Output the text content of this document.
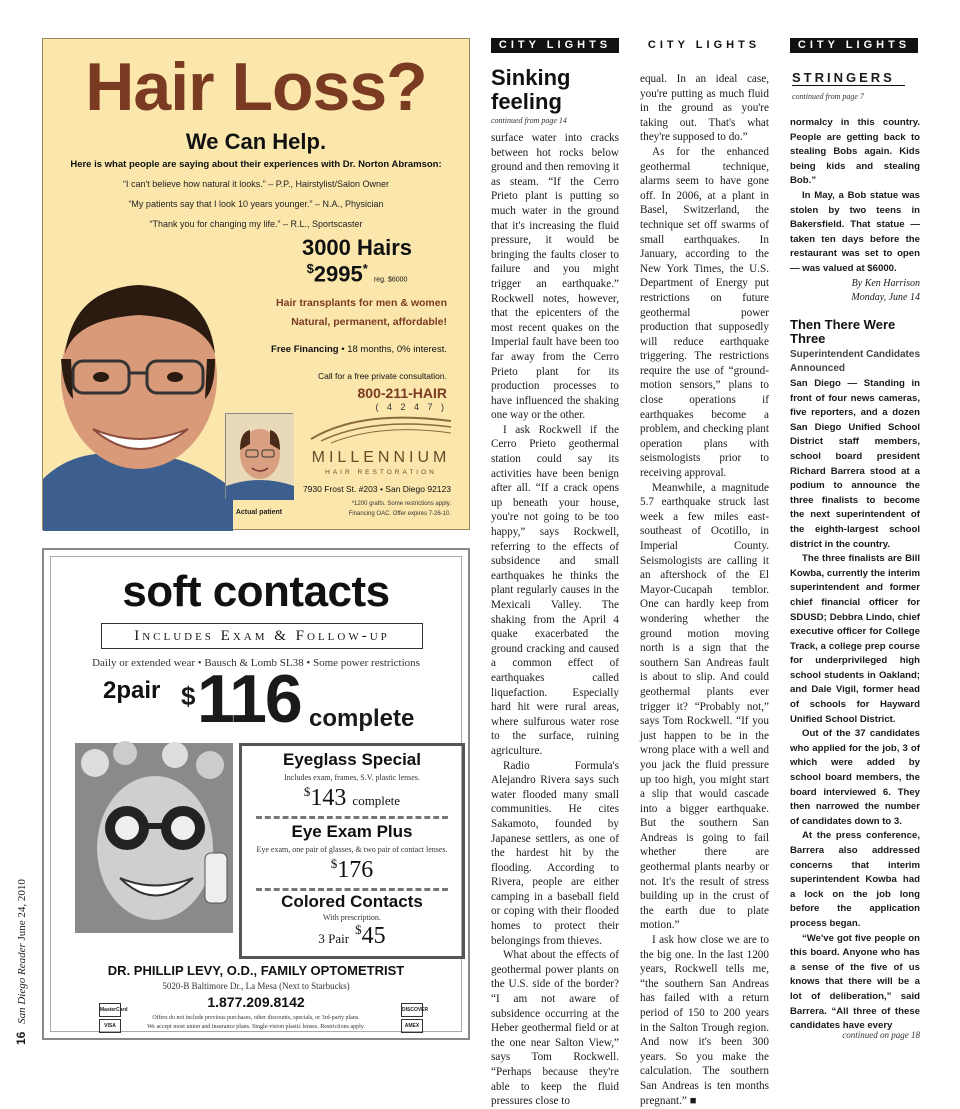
16 San Diego Reader June 24, 2010
Hair Loss?
We Can Help.
Here is what people are saying about their experiences with Dr. Norton Abramson:
“I can't believe how natural it looks.” – P.P., Hairstylist/Salon Owner
“My patients say that I look 10 years younger.” – N.A., Physician
“Thank you for changing my life.” – R.L., Sportscaster
3000 Hairs
$2995* reg. $6000
Hair transplants for men & women
Natural, permanent, affordable!
Free Financing • 18 months, 0% interest.
Call for a free private consultation.
800-211-HAIR
( 4 2 4 7 )
Actual patient
MILLENNIUM
HAIR RESTORATION
7930 Frost St. #203 • San Diego 92123
*1200 grafts. Some restrictions apply.
Financing OAC. Offer expires 7-26-10.
soft contacts
Includes Exam & Follow-up
Daily or extended wear • Bausch & Lomb SL38 • Some power restrictions
2pair $ 116 complete
Eyeglass Special
Includes exam, frames, S.V. plastic lenses.
$143 complete
Eye Exam Plus
Eye exam, one pair of glasses, & two pair of contact lenses.
$176
Colored Contacts
With prescription.
3 Pair $45
DR. PHILLIP LEVY, O.D., FAMILY OPTOMETRIST
5020-B Baltimore Dr., La Mesa (Next to Starbucks)
1.877.209.8142
Offers do not include previous purchases, other discounts, specials, or 3rd-party plans.
We accept most union and insurance plans. Single-vision plastic lenses. Restrictions apply.
MasterCard
VISA
DISCOVER
AMEX
CITY LIGHTS	CITY LIGHTS	CITY LIGHTS
Sinking
feeling
continued from page 14

surface water into cracks between hot rocks below ground and then removing it as steam. “If the Cerro Prieto plant is putting so much water in the ground that it's increasing the fluid pressure, it would be bringing the faults closer to failure and you might trigger an earthquake.” Rockwell notes, however, that the epicenters of the most recent quakes on the Imperial fault have been too far away from the Cerro Prieto plant for its production processes to have influenced the shaking one way or the other.

I ask Rockwell if the Cerro Prieto geothermal station could say its activities have been benign after all. “If a crack opens up beneath your house, you're not going to be too happy,” says Rockwell, referring to the effects of subsidence and small earthquakes he thinks the plant regularly causes in the Mexicali Valley. The shaking from the April 4 quake exacerbated the ground cracking and caused a common effect of earthquakes called liquefaction. Especially hard hit were rural areas, where sulfurous water rose to the surface, ruining agriculture.

Radio Formula's Alejandro Rivera says such water flooded many small communities. He cites Sakamoto, founded by Japanese settlers, as one of the hardest hit by the flooding. According to Rivera, people are either camping in a baseball field or coping with their flooded homes to protect their belongings from thieves.

What about the effects of geothermal power plants on the U.S. side of the border? “I am not aware of subsidence occurring at the Heber geothermal field or at the one near Salton View,” says Tom Rockwell. “Perhaps because they're able to keep the fluid pressures close to

equal. In an ideal case, you're putting as much fluid in the ground as you're taking out. That's what they're supposed to do.”

As for the enhanced geothermal technique, alarms seem to have gone off. In 2006, at a plant in Basel, Switzerland, the technique set off swarms of small earthquakes. In January, according to the New York Times, the U.S. Department of Energy put restrictions on future geothermal power production that supposedly will reduce earthquake triggering. The restrictions require the use of “ground-motion sensors,” plans to close operations if earthquakes become a problem, and checking plant operation plans with seismologists prior to receiving approval.

Meanwhile, a magnitude 5.7 earthquake struck last week a few miles east-southeast of Ocotillo, in Imperial County. Seismologists are calling it an aftershock of the El Mayor-Cucapah temblor. One can hardly keep from wondering whether the ground motion moving north is a sign that the southern San Andreas fault is about to slip. And could geothermal plants ever trigger it? “Probably not,” says Tom Rockwell. “If you just happen to be in the wrong place with a well and you jack the fluid pressure up too high, you might start a slip that would cascade into a bigger earthquake. But the southern San Andreas is going to fail whether there are geothermal plants nearby or not. It's the result of stress building up in the crust of the earth due to plate motion.”

I ask how close we are to the big one. In the last 1200 years, Rockwell tells me, “the southern San Andreas has failed with a return period of 150 to 200 years in the Salton Trough region. And now it's been 300 years. So you make the calculation. The southern San Andreas is ten months pregnant.” ■

STRINGERS
continued from page 7

normalcy in this country. People are getting back to stealing Bobs again. Kids being kids and stealing Bob.”

In May, a Bob statue was stolen by two teens in Bakersfield. That statue — taken ten days before the restaurant was set to open — was valued at $6000.

By Ken Harrison

Monday, June 14

Then There Were Three
Superintendent Candidates Announced

San Diego — Standing in front of four news cameras, five reporters, and a dozen San Diego Unified School District staff members, school board president Richard Barrera stood at a podium to announce the three finalists to become the next superintendent of the eighth-largest school district in the country.

The three finalists are Bill Kowba, currently the interim superintendent and former chief financial officer for SDUSD; Debbra Lindo, chief executive officer for College Track, a college prep course for underprivileged high school students in Oakland; and Dale Vigil, former head of schools for Hayward Unified School District.

Out of the 37 candidates who applied for the job, 3 of which were added by school board members, the board interviewed 6. They then narrowed the number of candidates down to 3.

At the press conference, Barrera also addressed concerns that interim superintendent Kowba had a lock on the job long before the application process began.

“We've got five people on this board. Anyone who has a sense of the five of us knows that there will be a lot of deliberation,” said Barrera. “All three of these candidates have every

continued on page 18
